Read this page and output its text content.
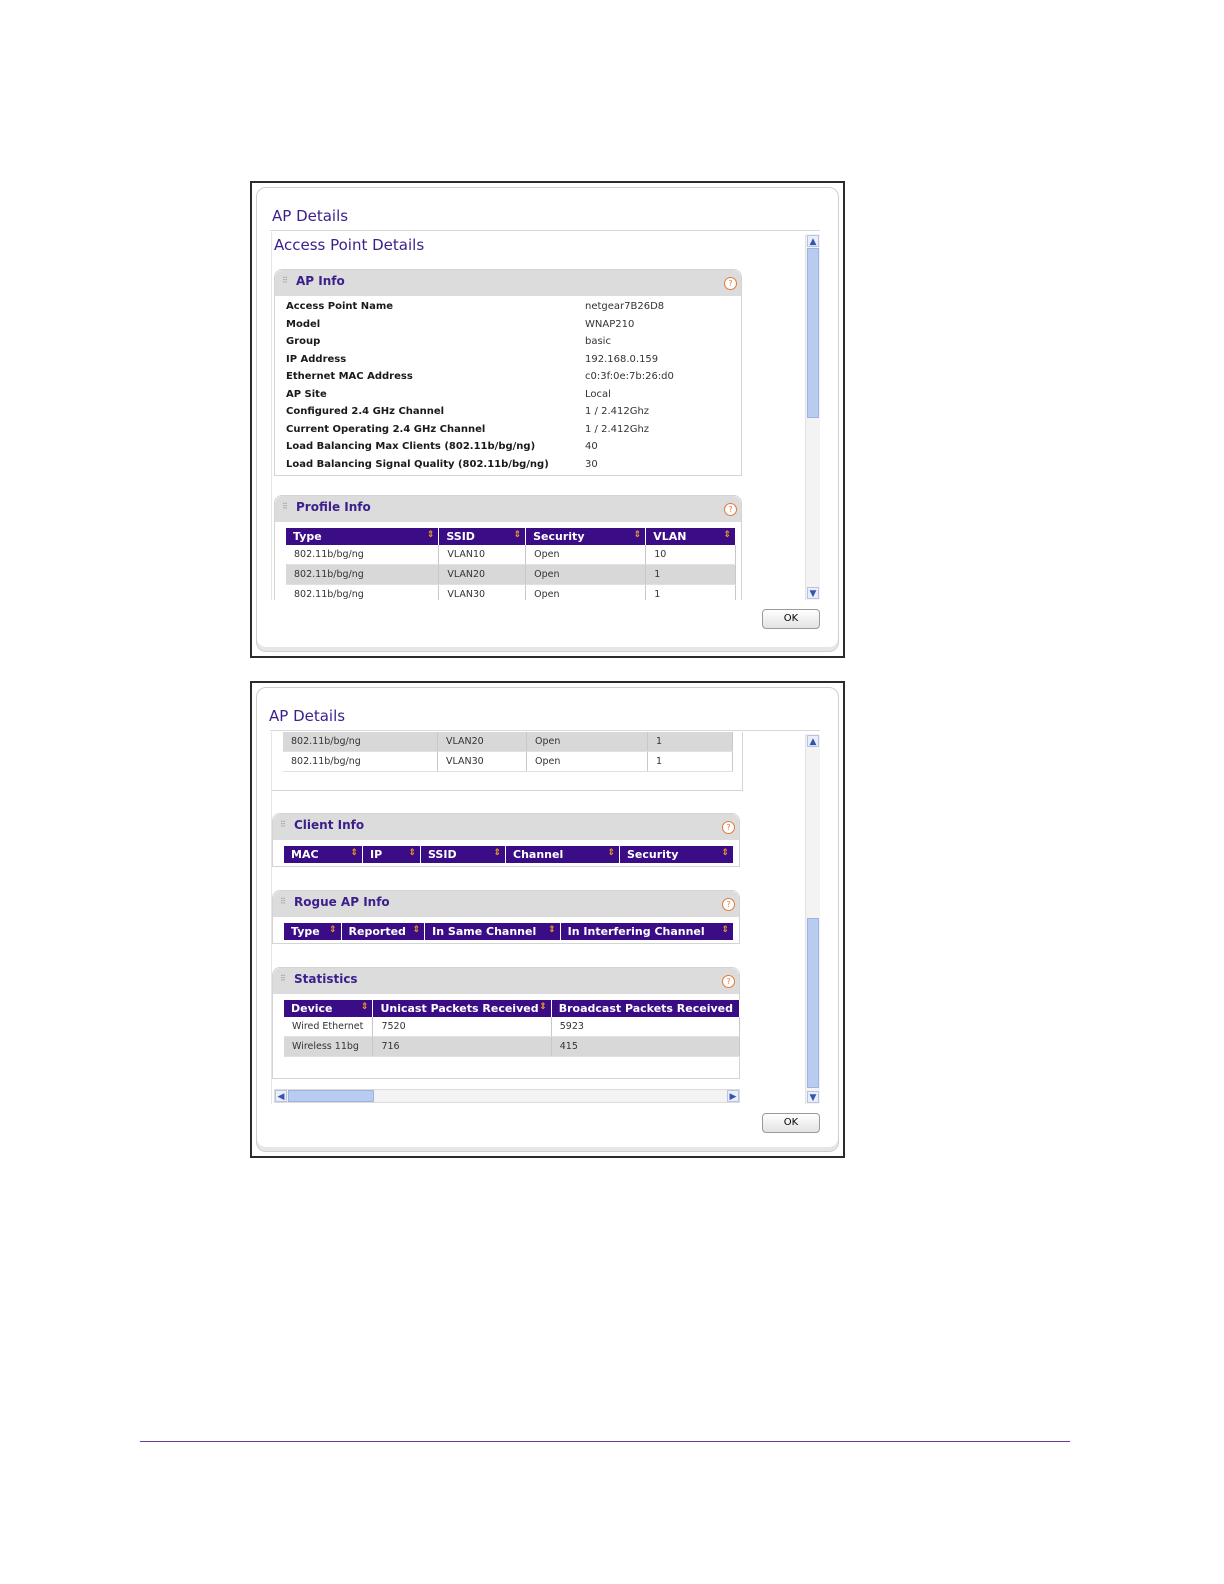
AP Details
Access Point Details
⠿ AP Info	?
Access Point Name	netgear7B26D8
Model	WNAP210
Group	basic
IP Address	192.168.0.159
Ethernet MAC Address	c0:3f:0e:7b:26:d0
AP Site	Local
Configured 2.4 GHz Channel	1 / 2.412Ghz
Current Operating 2.4 GHz Channel	1 / 2.412Ghz
Load Balancing Max Clients (802.11b/bg/ng)	40
Load Balancing Signal Quality (802.11b/bg/ng)	30
⠿ Profile Info	?
Type ⇕	SSID ⇕	Security ⇕	VLAN ⇕

802.11b/bg/ng	VLAN10	Open	10
802.11b/bg/ng	VLAN20	Open	1
802.11b/bg/ng	VLAN30	Open	1
▲
▼
OK
AP Details

802.11b/bg/ng	VLAN20	Open	1
802.11b/bg/ng	VLAN30	Open	1
⠿ Client Info	?
MAC	⇕	IP	⇕	SSID	⇕	Channel	⇕	Security	⇕
⠿ Rogue AP Info	?
Type ⇕	Reported ⇕	In Same Channel ⇕	In Interfering Channel ⇕
⠿ Statistics	?
Device ⇕	Unicast Packets Received ⇕	Broadcast Packets Received
Wired Ethernet	7520	5923
Wireless 11bg	716	415
◀	▶
▲
▼
OK
